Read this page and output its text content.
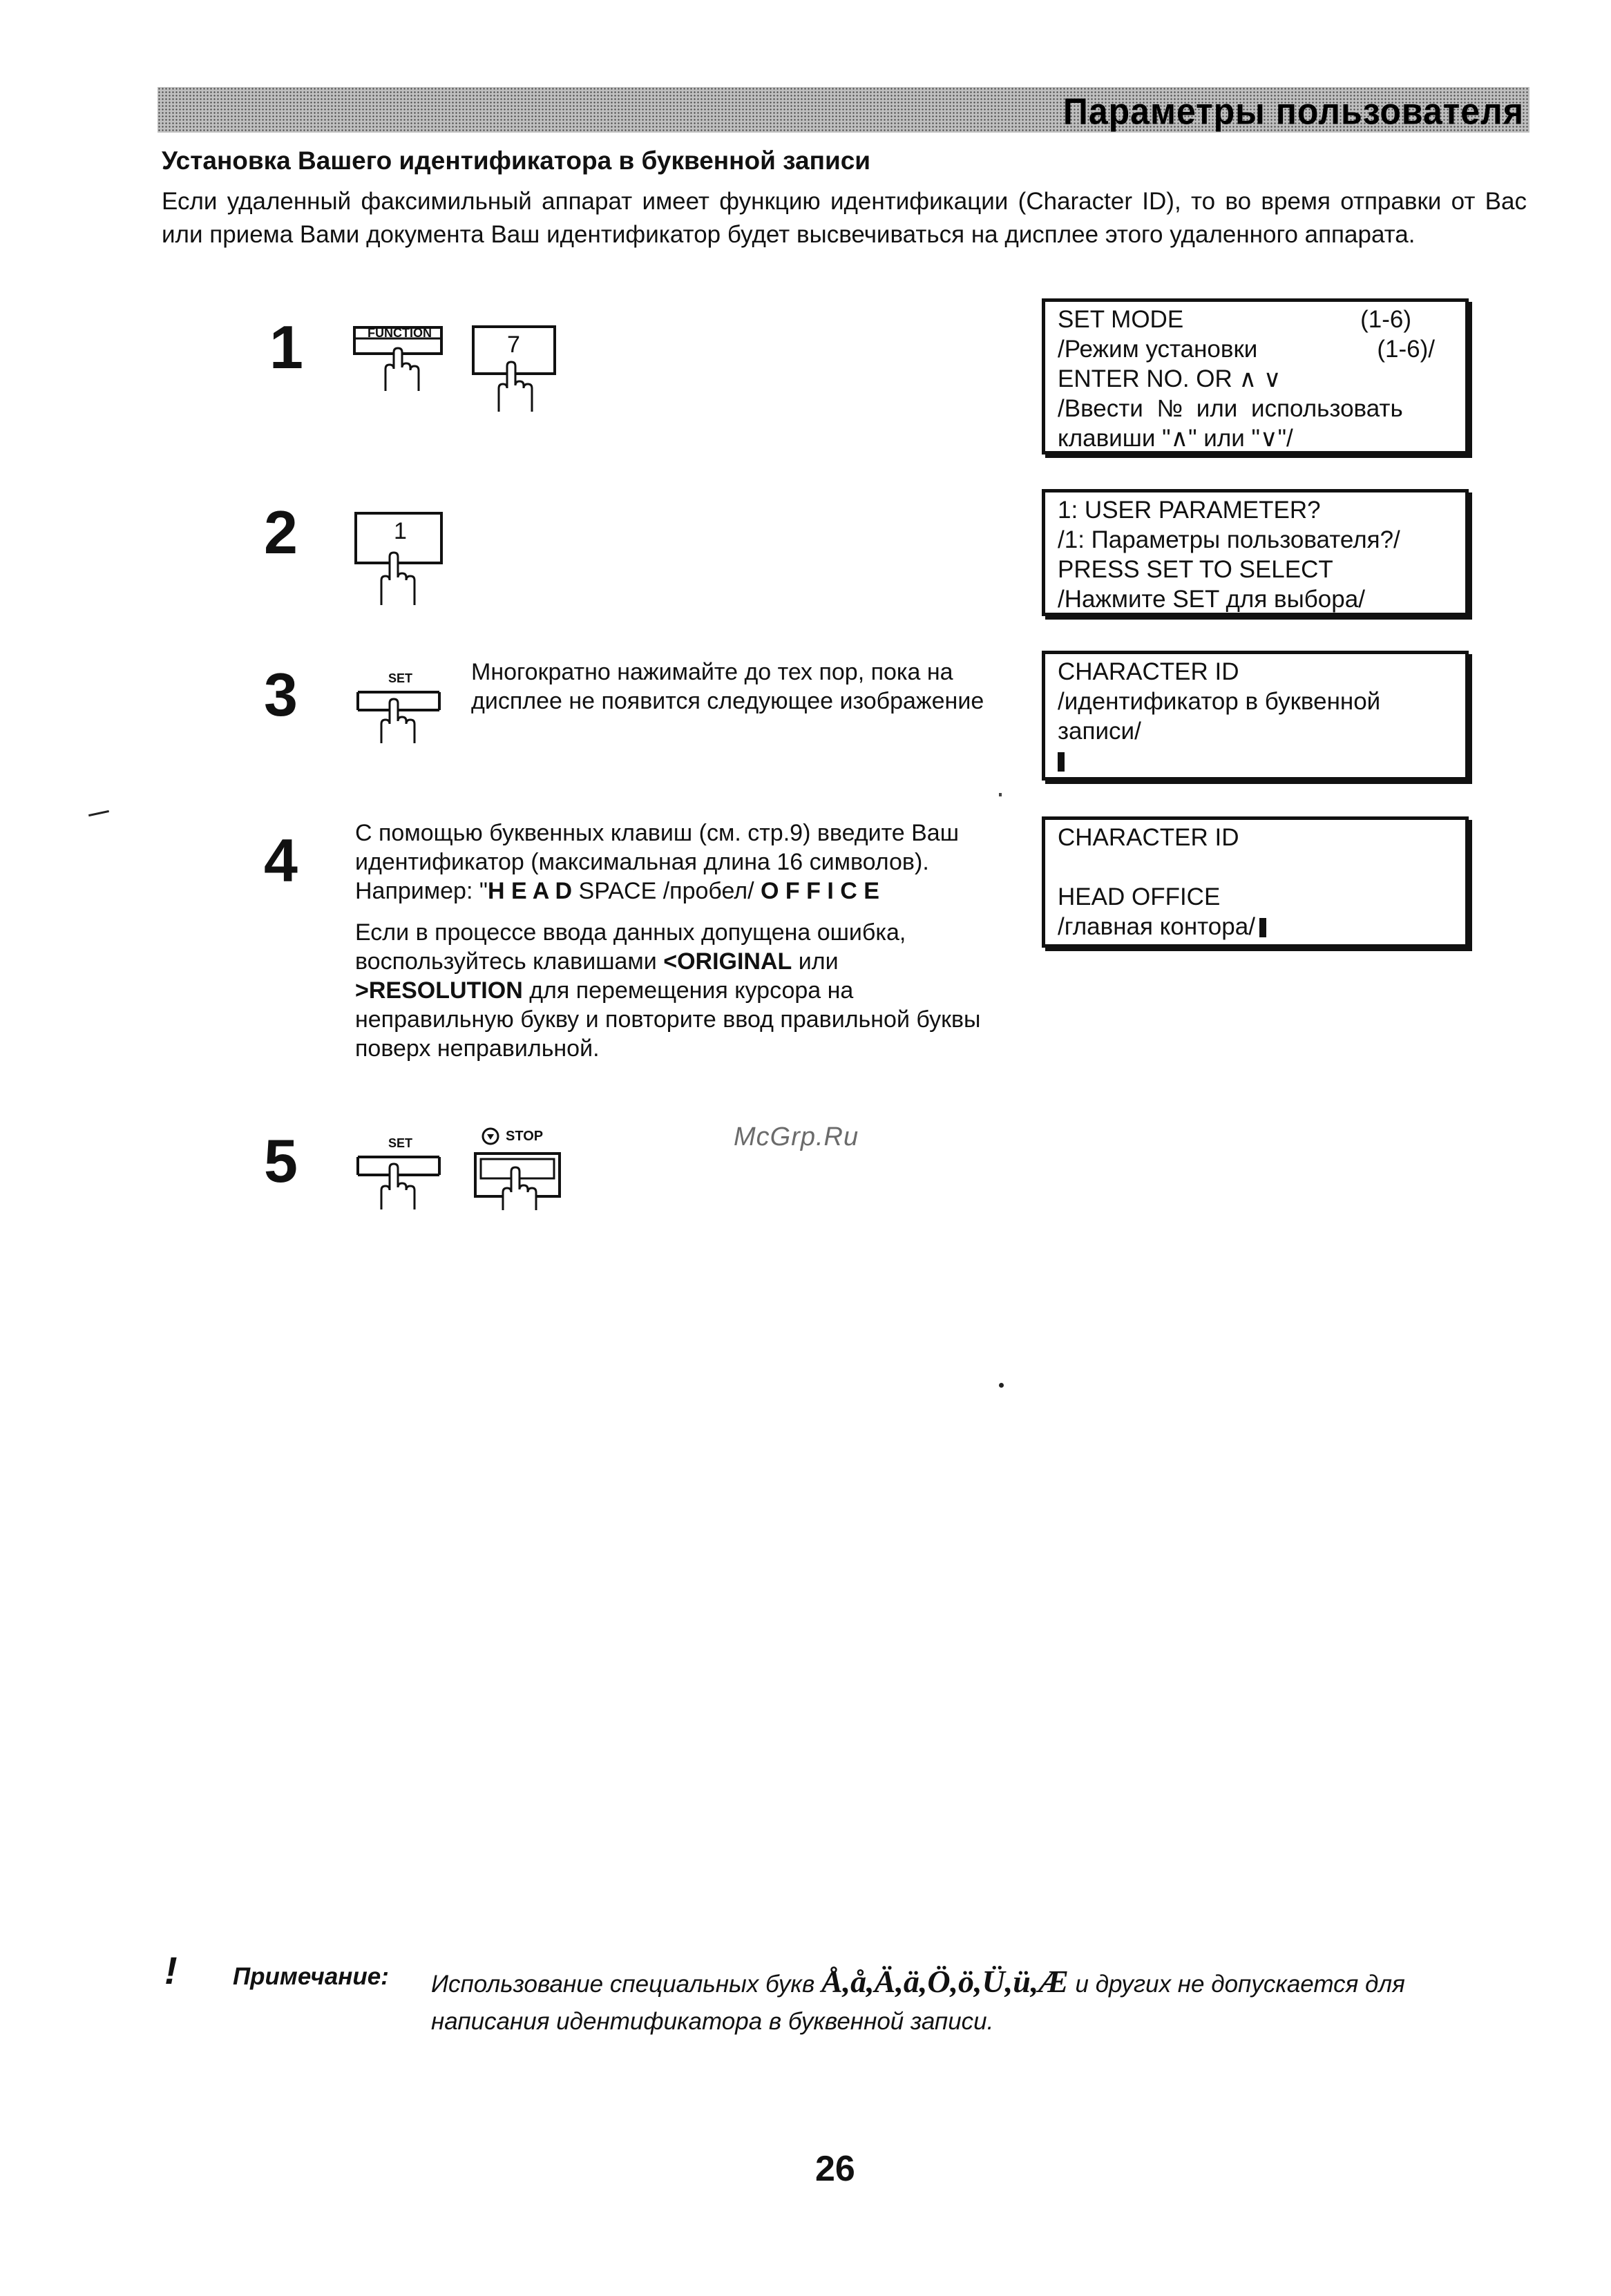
Параметры пользователя
Установка Вашего идентификатора в буквенной записи
Если удаленный факсимильный аппарат имеет функцию идентификации (Character ID), то во время отправки от Вас или приема Вами документа Ваш идентификатор будет высвечиваться на дисплее этого удаленного аппарата.
1	FUNCTION	7
2	1
3	SET Многократно нажимайте до тех пор, пока на дисплее не появится следующее изображение
4 С помощью буквенных клавиш (см. стр.9) введите Ваш идентификатор (максимальная длина 16 символов).
Например: "H E A D SPACE /пробел/ O F F I C E
Если в процессе ввода данных допущена ошибка, воспользуйтесь клавишами <ORIGINAL или >RESOLUTION для перемещения курсора на неправильную букву и повторите ввод правильной буквы поверх неправильной.
5	SET	STOP
SET MODE	(1-6)
/Режим установки	(1-6)/
ENTER NO. OR ∧ ∨
/Ввести № или использовать
клавиши "∧" или "∨"/
1: USER PARAMETER?
/1: Параметры пользователя?/
PRESS SET TO SELECT
/Нажмите SET для выбора/
CHARACTER ID
/идентификатор в буквенной
записи/
CHARACTER ID
HEAD OFFICE
/главная контора/
McGrp.Ru
! Примечание: Использование специальных букв Å,å,Ä,ä,Ö,ö,Ü,ü,Æ и других не допускается для написания идентификатора в буквенной записи.
26
